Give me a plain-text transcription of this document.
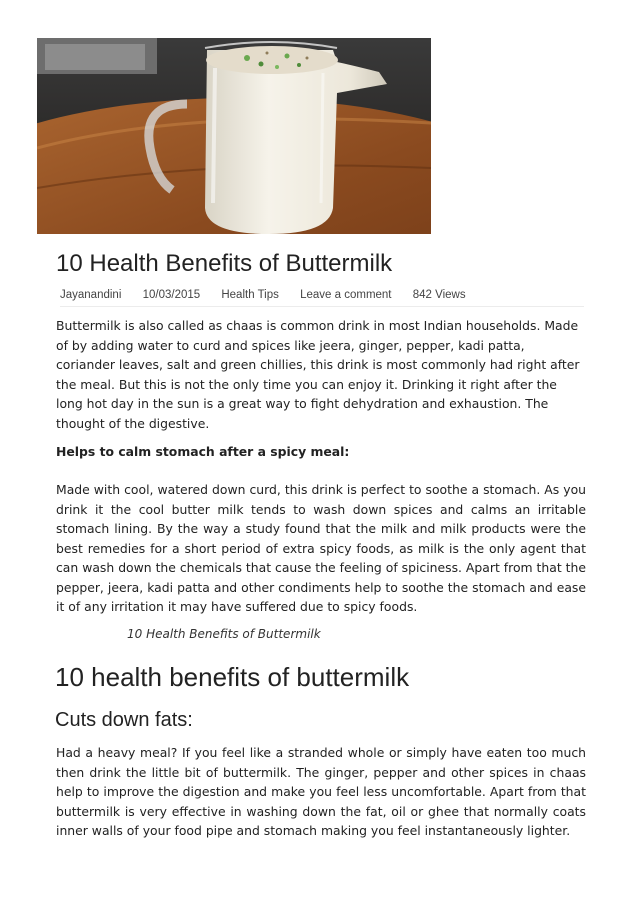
10 Health Benefits of Buttermilk
Jayanandini 10/03/2015 Health Tips Leave a comment 842 Views

Buttermilk is also called as chaas is common drink in most Indian households. Made of by adding water to curd and spices like jeera, ginger, pepper, kadi patta, coriander leaves, salt and green chillies, this drink is most commonly had right after the meal. But this is not the only time you can enjoy it. Drinking it right after the long hot day in the sun is a great way to fight dehydration and exhaustion. The thought of the digestive.

Helps to calm stomach after a spicy meal:

Made with cool, watered down curd, this drink is perfect to soothe a stomach. As you drink it the cool butter milk tends to wash down spices and calms an irritable stomach lining. By the way a study found that the milk and milk products were the best remedies for a short period of extra spicy foods, as milk is the only agent that can wash down the chemicals that cause the feeling of spiciness. Apart from that the pepper, jeera, kadi patta and other condiments help to soothe the stomach and ease it of any irritation it may have suffered due to spicy foods.

10 Health Benefits of Buttermilk

10 health benefits of buttermilk
Cuts down fats:

Had a heavy meal? If you feel like a stranded whole or simply have eaten too much then drink the little bit of buttermilk. The ginger, pepper and other spices in chaas help to improve the digestion and make you feel less uncomfortable. Apart from that buttermilk is very effective in washing down the fat, oil or ghee that normally coats inner walls of your food pipe and stomach making you feel instantaneously lighter.
